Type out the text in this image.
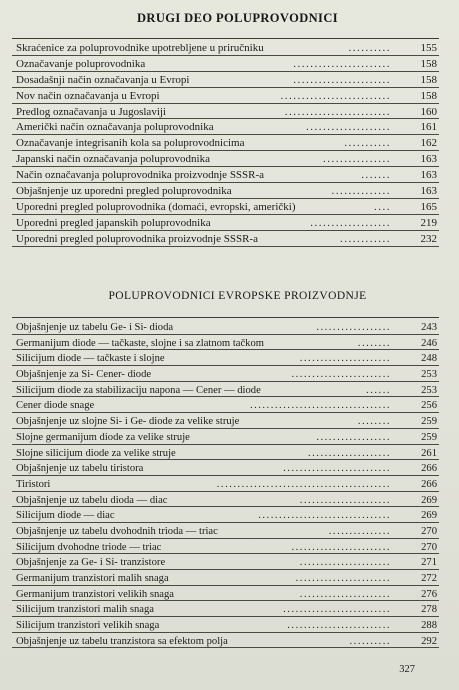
DRUGI DEO POLUPROVODNICI
Skraćenice za poluprovodnike upotrebljene u priručniku	..........	155
Označavanje poluprovodnika	.......................	158
Dosadašnji način označavanja u Evropi	.......................	158
Nov način označavanja u Evropi	..........................	158
Predlog označavanja u Jugoslaviji	.........................	160
Američki način označavanja poluprovodnika	....................	161
Označavanje integrisanih kola sa poluprovodnicima	...........	162
Japanski način označavanja poluprovodnika	................	163
Način označavanja poluprovodnika proizvodnje SSSR-a	.......	163
Objašnjenje uz uporedni pregled poluprovodnika	..............	163
Uporedni pregled poluprovodnika (domaći, evropski, američki)	....	165
Uporedni pregled japanskih poluprovodnika	...................	219
Uporedni pregled poluprovodnika proizvodnje SSSR-a	............	232
POLUPROVODNICI EVROPSKE PROIZVODNJE
Objašnjenje uz tabelu Ge- i Si- dioda	..................	243
Germanijum diode — tačkaste, slojne i sa zlatnom tačkom	........	246
Silicijum diode — tačkaste i slojne	......................	248
Objašnjenje za Si- Cener- diode	........................	253
Silicijum diode za stabilizaciju napona — Cener — diode	......	253
Cener diode snage	..................................	256
Objašnjenje uz slojne Si- i Ge- diode za velike struje	........	259
Slojne germanijum diode za velike struje	..................	259
Slojne silicijum diode za velike struje	....................	261
Objašnjenje uz tabelu tiristora	..........................	266
Tiristori	..........................................	266
Objašnjenje uz tabelu dioda — diac	......................	269
Silicijum diode — diac	................................	269
Objašnjenje uz tabelu dvohodnih trioda — triac	...............	270
Silicijum dvohodne triode — triac	........................	270
Objašnjenje za Ge- i Si- tranzistore	......................	271
Germanijum tranzistori malih snaga	.......................	272
Germanijum tranzistori velikih snaga	......................	276
Silicijum tranzistori malih snaga	..........................	278
Silicijum tranzistori velikih snaga	.........................	288
Objašnjenje uz tabelu tranzistora sa efektom polja	..........	292
327
